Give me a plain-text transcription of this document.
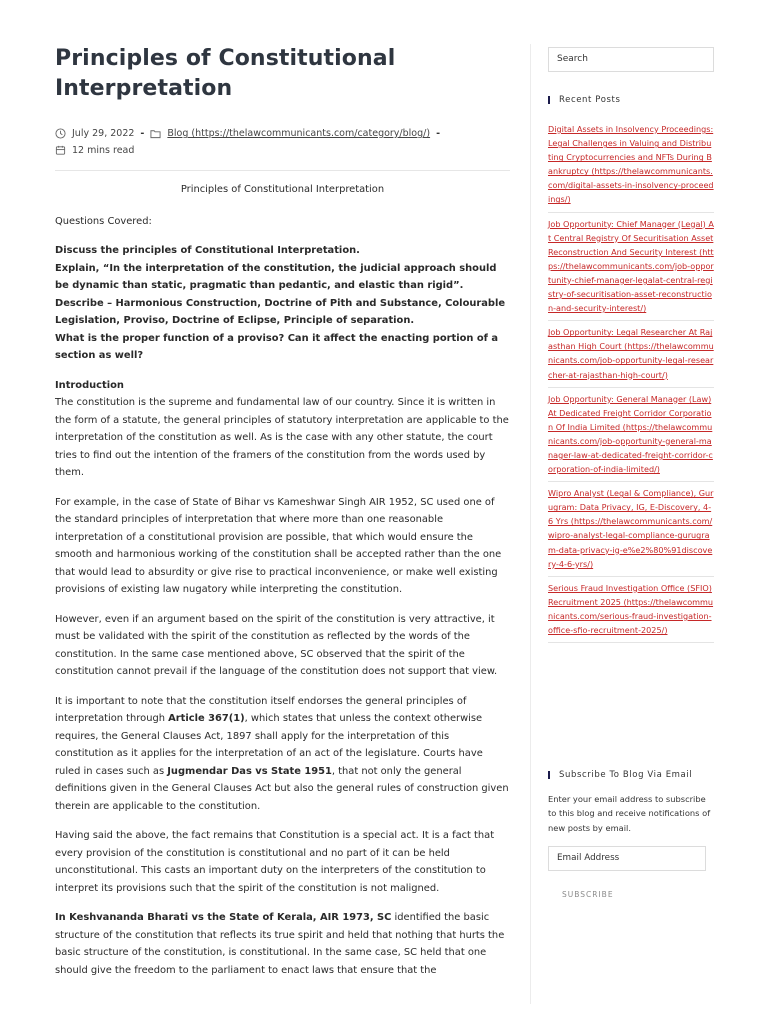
Principles of Constitutional
Interpretation
July 29, 2022 - Blog (https://thelawcommunicants.com/category/blog/) -
12 mins read

Principles of Constitutional Interpretation

Questions Covered:

Discuss the principles of Constitutional Interpretation.

Explain, “In the interpretation of the constitution, the judicial approach should be dynamic than static, pragmatic than pedantic, and elastic than rigid”.

Describe – Harmonious Construction, Doctrine of Pith and Substance, Colourable Legislation, Proviso, Doctrine of Eclipse, Principle of separation.

What is the proper function of a proviso? Can it affect the enacting portion of a section as well?

Introduction

The constitution is the supreme and fundamental law of our country. Since it is written in the form of a statute, the general principles of statutory interpretation are applicable to the interpretation of the constitution as well. As is the case with any other statute, the court tries to find out the intention of the framers of the constitution from the words used by them.

For example, in the case of State of Bihar vs Kameshwar Singh AIR 1952, SC used one of the standard principles of interpretation that where more than one reasonable interpretation of a constitutional provision are possible, that which would ensure the smooth and harmonious working of the constitution shall be accepted rather than the one that would lead to absurdity or give rise to practical inconvenience, or make well existing provisions of existing law nugatory while interpreting the constitution.

However, even if an argument based on the spirit of the constitution is very attractive, it must be validated with the spirit of the constitution as reflected by the words of the constitution. In the same case mentioned above, SC observed that the spirit of the constitution cannot prevail if the language of the constitution does not support that view.

It is important to note that the constitution itself endorses the general principles of interpretation through Article 367(1), which states that unless the context otherwise requires, the General Clauses Act, 1897 shall apply for the interpretation of this constitution as it applies for the interpretation of an act of the legislature. Courts have ruled in cases such as Jugmendar Das vs State 1951, that not only the general definitions given in the General Clauses Act but also the general rules of construction given therein are applicable to the constitution.

Having said the above, the fact remains that Constitution is a special act. It is a fact that every provision of the constitution is constitutional and no part of it can be held unconstitutional. This casts an important duty on the interpreters of the constitution to interpret its provisions such that the spirit of the constitution is not maligned.

In Keshvananda Bharati vs the State of Kerala, AIR 1973, SC identified the basic structure of the constitution that reflects its true spirit and held that nothing that hurts the basic structure of the constitution, is constitutional. In the same case, SC held that one should give the freedom to the parliament to enact laws that ensure that the

Search
Recent Posts
Digital Assets in Insolvency Proceedings: Legal Challenges in Valuing and Distributing Cryptocurrencies and NFTs During Bankruptcy (https://thelawcommunicants.com/digital-assets-in-insolvency-proceedings/)
Job Opportunity: Chief Manager (Legal) At Central Registry Of Securitisation Asset Reconstruction And Security Interest (https://thelawcommunicants.com/job-opportunity-chief-manager-legalat-central-registry-of-securitisation-asset-reconstruction-and-security-interest/)
Job Opportunity: Legal Researcher At Rajasthan High Court (https://thelawcommunicants.com/job-opportunity-legal-researcher-at-rajasthan-high-court/)
Job Opportunity: General Manager (Law) At Dedicated Freight Corridor Corporation Of India Limited (https://thelawcommunicants.com/job-opportunity-general-manager-law-at-dedicated-freight-corridor-corporation-of-india-limited/)
Wipro Analyst (Legal & Compliance), Gurugram: Data Privacy, IG, E-Discovery, 4-6 Yrs (https://thelawcommunicants.com/wipro-analyst-legal-compliance-gurugram-data-privacy-ig-e%e2%80%91discovery-4-6-yrs/)
Serious Fraud Investigation Office (SFIO) Recruitment 2025 (https://thelawcommunicants.com/serious-fraud-investigation-office-sfio-recruitment-2025/)
Subscribe To Blog Via Email

Enter your email address to subscribe to this blog and receive notifications of new posts by email.

Email Address
SUBSCRIBE
